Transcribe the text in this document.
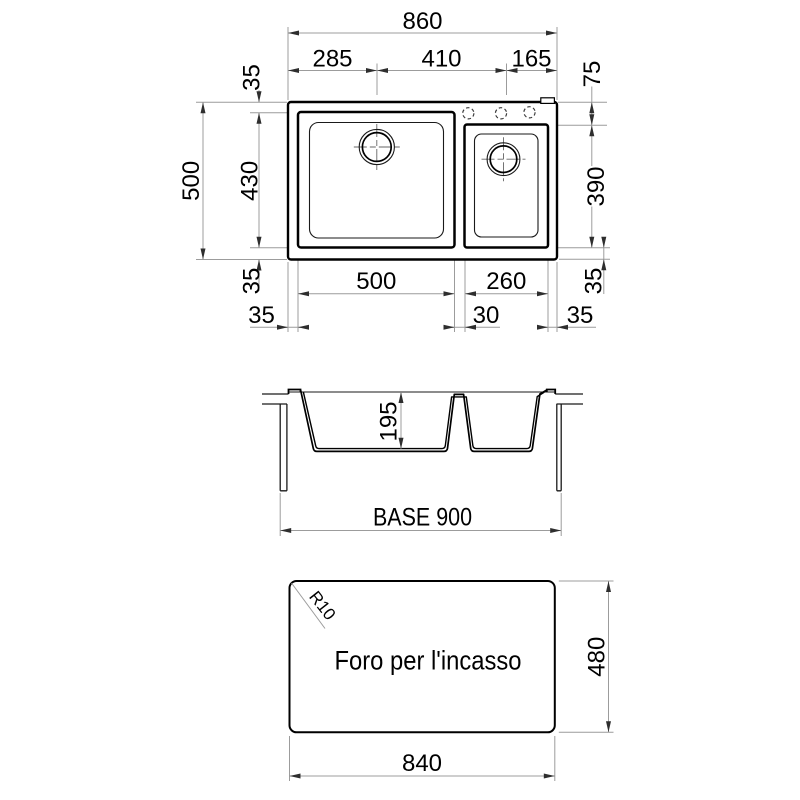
860
285	410 165
500
35
430
35
75
390
35
500	260
35	30	35
195
BASE 900
R10
Foro per l'incasso
840
480
